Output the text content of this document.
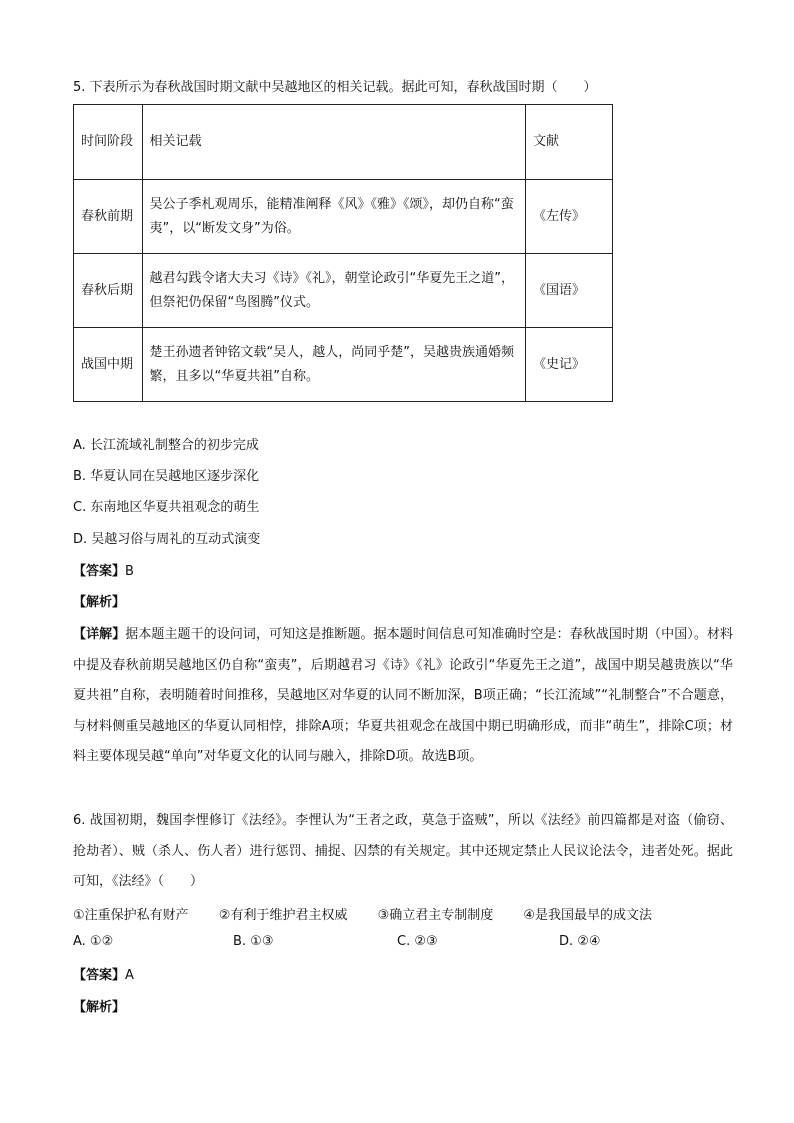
5. 下表所示为春秋战国时期文献中吴越地区的相关记载。据此可知，春秋战国时期（　　）
时间阶段	相关记载	文献
春秋前期	吴公子季札观周乐，能精准阐释《风》《雅》《颂》，却仍自称“蛮夷”，以“断发文身”为俗。	《左传》
春秋后期	越君勾践令诸大夫习《诗》《礼》，朝堂论政引“华夏先王之道”，但祭祀仍保留“鸟图腾”仪式。	《国语》
战国中期	楚王孙遗者钟铭文载“吴人，越人，尚同乎楚”，吴越贵族通婚频繁，且多以“华夏共祖”自称。	《史记》
A. 长江流域礼制整合的初步完成
B. 华夏认同在吴越地区逐步深化
C. 东南地区华夏共祖观念的萌生
D. 吴越习俗与周礼的互动式演变
【答案】B
【解析】
【详解】据本题主题干的设问词，可知这是推断题。据本题时间信息可知准确时空是：春秋战国时期（中国）。材料中提及春秋前期吴越地区仍自称“蛮夷”，后期越君习《诗》《礼》论政引“华夏先王之道”，战国中期吴越贵族以“华夏共祖”自称，表明随着时间推移，吴越地区对华夏的认同不断加深，B项正确；“长江流域”“礼制整合”不合题意，与材料侧重吴越地区的华夏认同相悖，排除A项；华夏共祖观念在战国中期已明确形成，而非“萌生”，排除C项；材料主要体现吴越“单向”对华夏文化的认同与融入，排除D项。故选B项。
6. 战国初期，魏国李悝修订《法经》。李悝认为“王者之政，莫急于盗贼”，所以《法经》前四篇都是对盗（偷窃、抢劫者）、贼（杀人、伤人者）进行惩罚、捕捉、囚禁的有关规定。其中还规定禁止人民议论法令，违者处死。据此可知，《法经》（　　）
①注重保护私有财产 ②有利于维护君主权威 ③确立君主专制制度 ④是我国最早的成文法
A. ①②	B. ①③	C. ②③	D. ②④
【答案】A
【解析】
